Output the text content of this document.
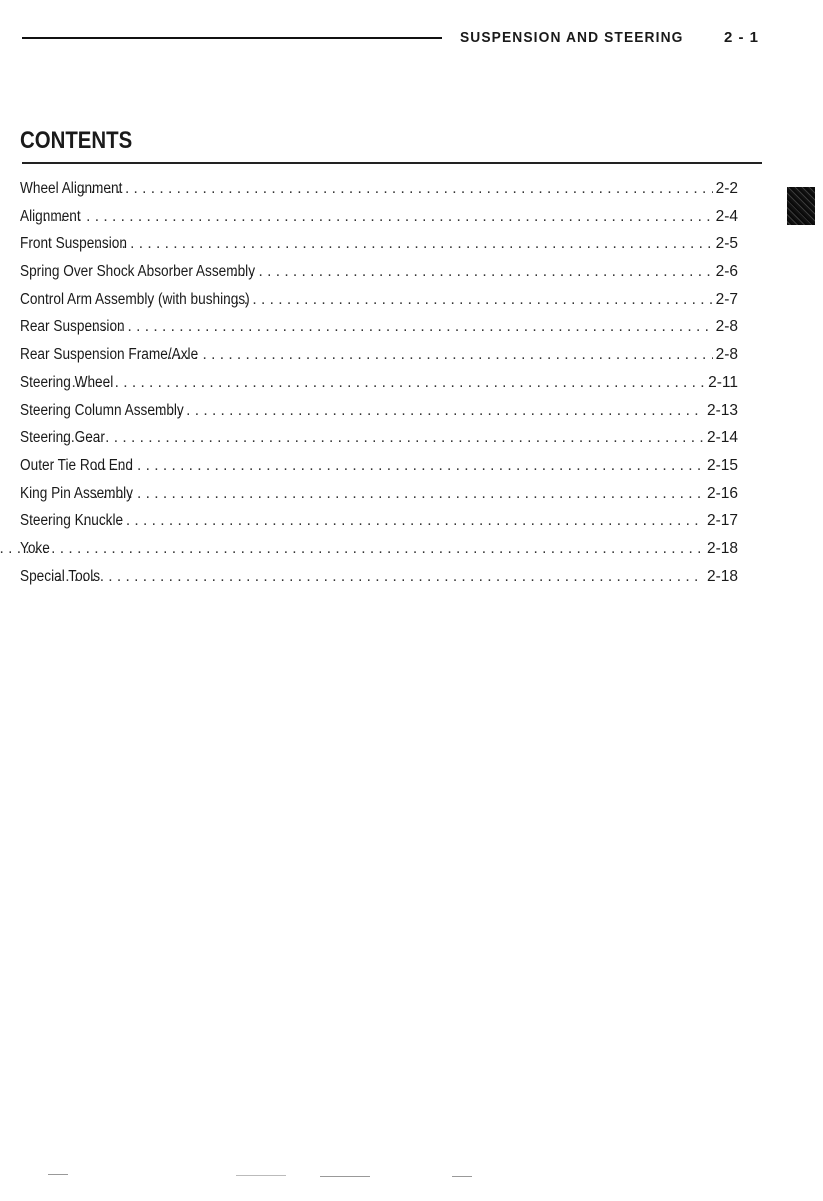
SUSPENSION AND STEERING	2 - 1
CONTENTS
Wheel Alignment . . .	2-2
Alignment . . .	2-4
Front Suspension . . .	2-5
Spring Over Shock Absorber Assembly . . .	2-6
Control Arm Assembly (with bushings) . . .	2-7
Rear Suspension . . .	2-8
Rear Suspension Frame/Axle . . .	2-8
Steering Wheel . . .	2-11
Steering Column Assembly . . .	2-13
Steering Gear . . .	2-14
Outer Tie Rod End . . .	2-15
King Pin Assembly . . .	2-16
Steering Knuckle . . .	2-17
Yoke . . .	2-18
Special Tools . . .	2-18
